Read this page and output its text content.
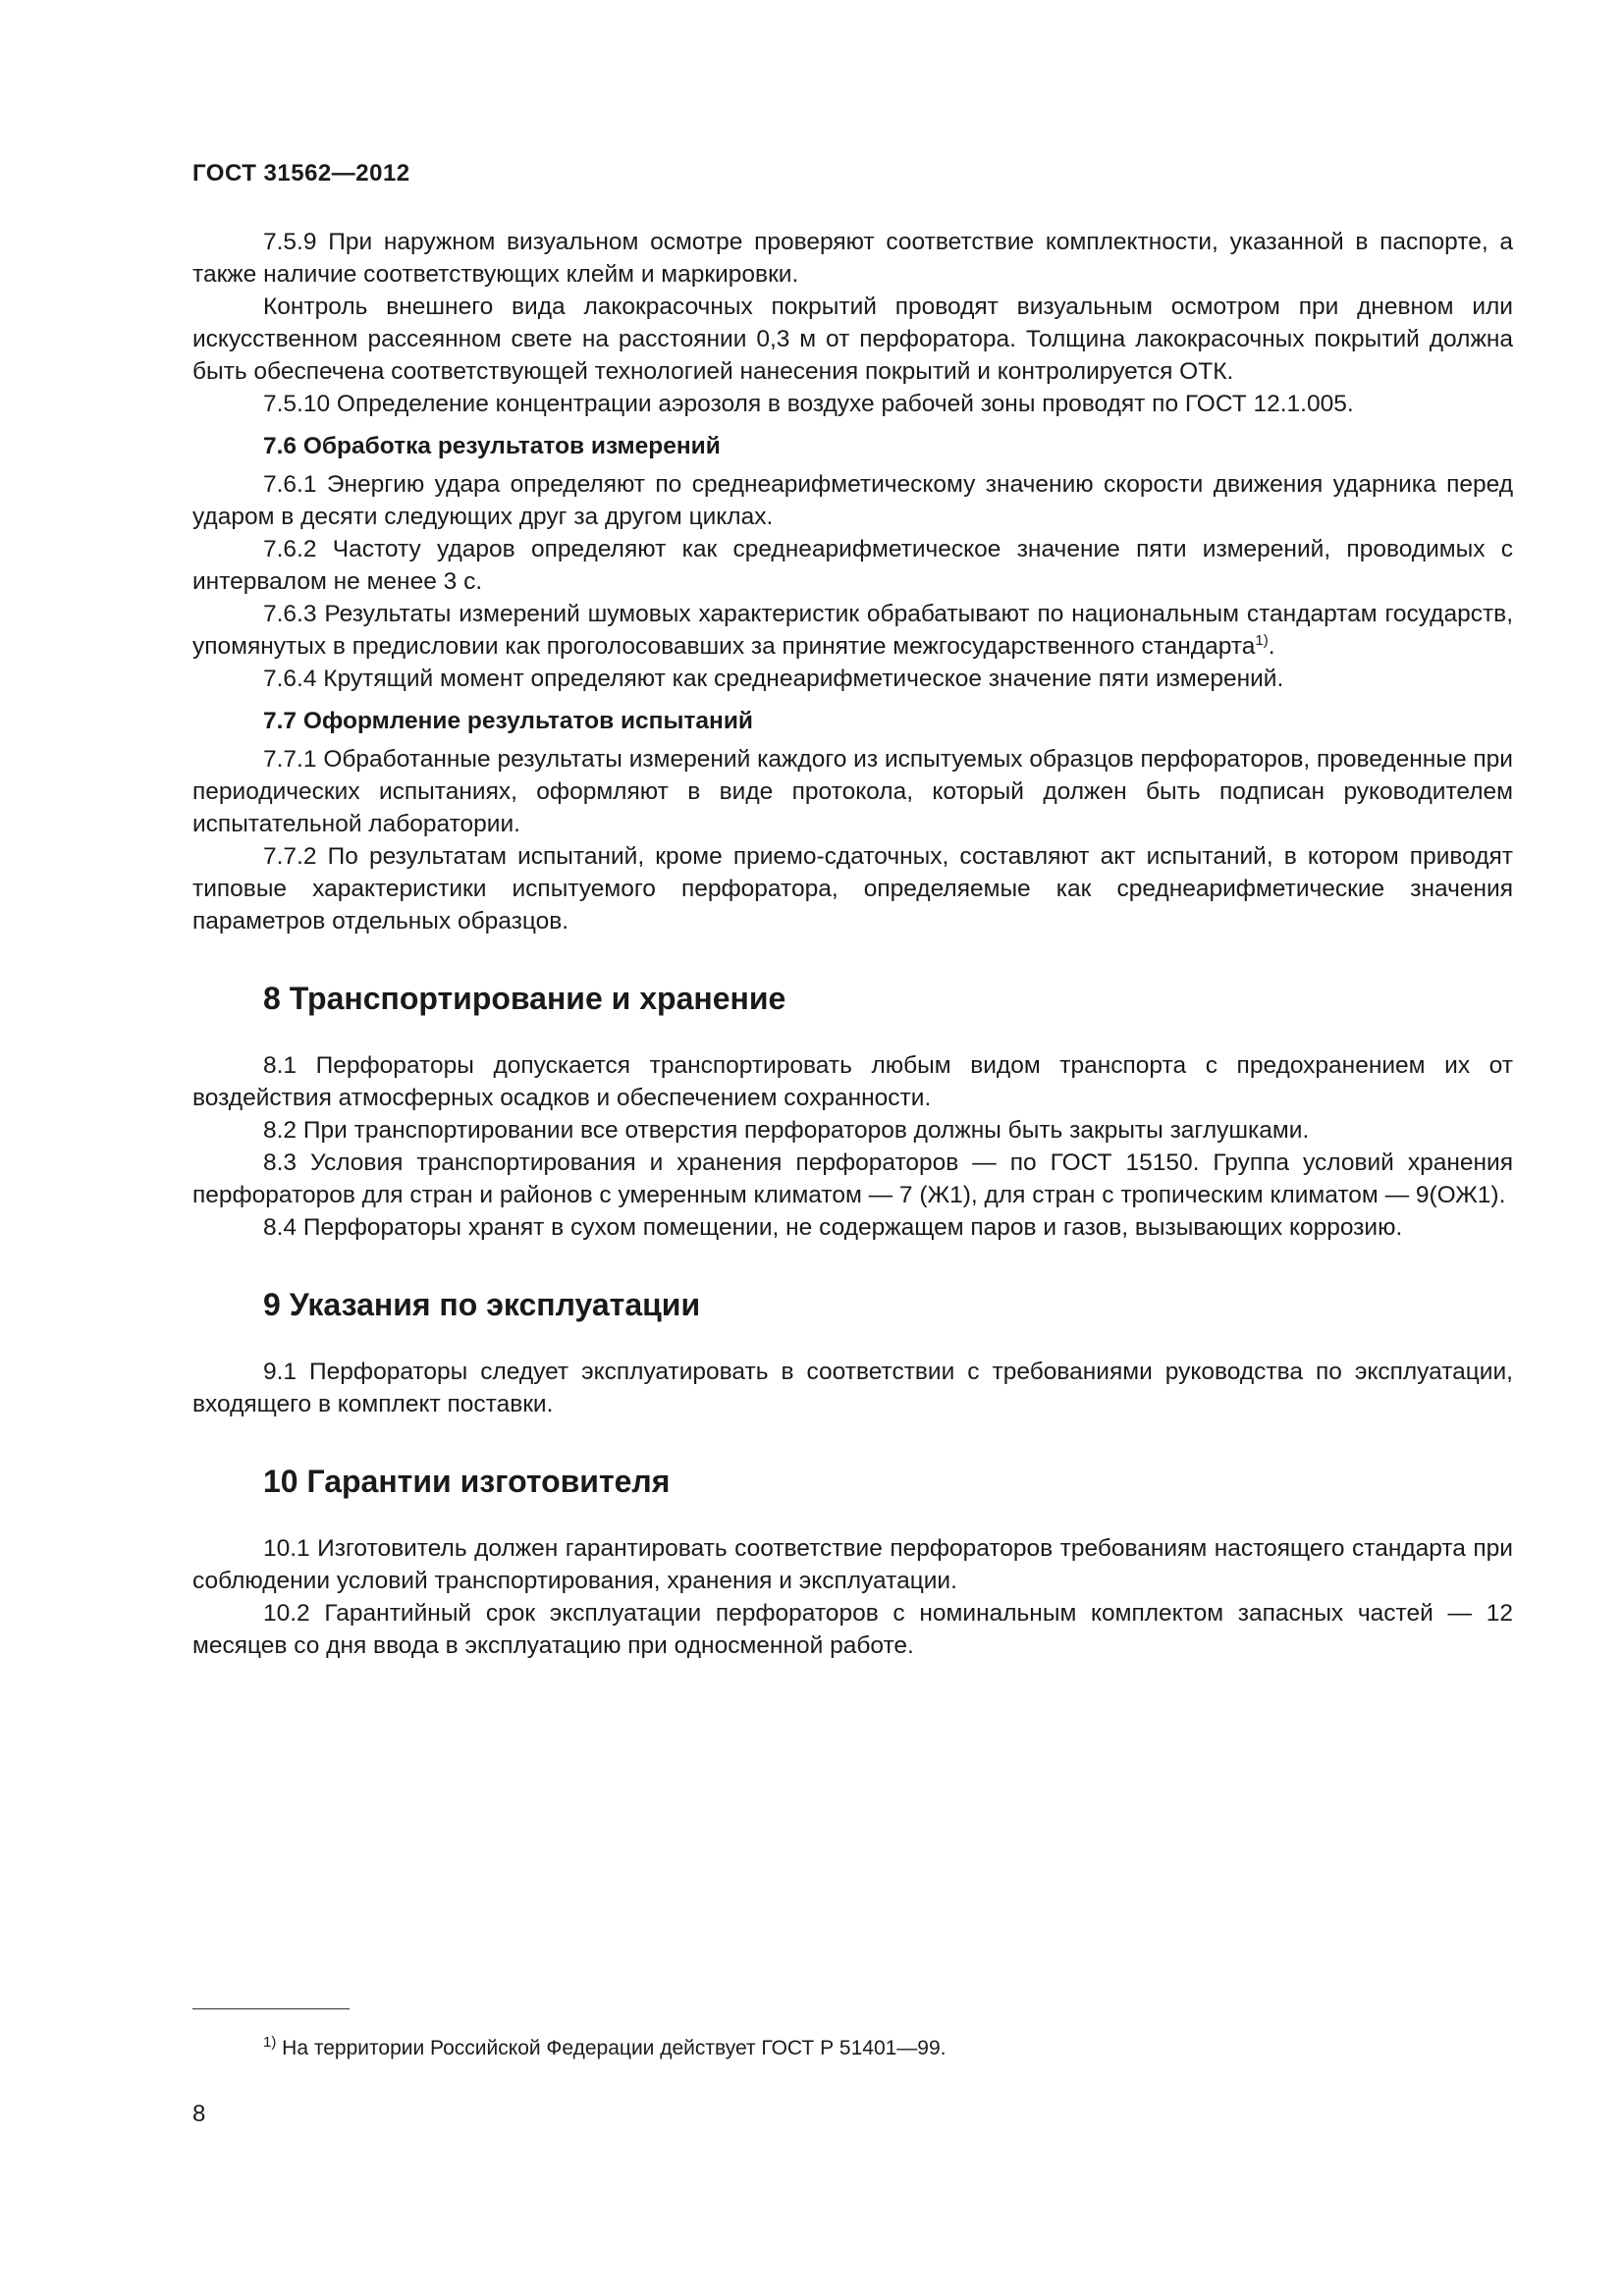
ГОСТ 31562—2012

7.5.9 При наружном визуальном осмотре проверяют соответствие комплектности, указанной в паспорте, а также наличие соответствующих клейм и маркировки.

Контроль внешнего вида лакокрасочных покрытий проводят визуальным осмотром при дневном или искусственном рассеянном свете на расстоянии 0,3 м от перфоратора. Толщина лакокрасочных покрытий должна быть обеспечена соответствующей технологией нанесения покрытий и контролируется ОТК.

7.5.10 Определение концентрации аэрозоля в воздухе рабочей зоны проводят по ГОСТ 12.1.005.

7.6 Обработка результатов измерений

7.6.1 Энергию удара определяют по среднеарифметическому значению скорости движения ударника перед ударом в десяти следующих друг за другом циклах.

7.6.2 Частоту ударов определяют как среднеарифметическое значение пяти измерений, проводимых с интервалом не менее 3 с.

7.6.3 Результаты измерений шумовых характеристик обрабатывают по национальным стандартам государств, упомянутых в предисловии как проголосовавших за принятие межгосударственного стандарта$^{1)}$.

7.6.4 Крутящий момент определяют как среднеарифметическое значение пяти измерений.

7.7 Оформление результатов испытаний

7.7.1 Обработанные результаты измерений каждого из испытуемых образцов перфораторов, проведенные при периодических испытаниях, оформляют в виде протокола, который должен быть подписан руководителем испытательной лаборатории.

7.7.2 По результатам испытаний, кроме приемо-сдаточных, составляют акт испытаний, в котором приводят типовые характеристики испытуемого перфоратора, определяемые как среднеарифметические значения параметров отдельных образцов.

8 Транспортирование и хранение

8.1 Перфораторы допускается транспортировать любым видом транспорта с предохранением их от воздействия атмосферных осадков и обеспечением сохранности.

8.2 При транспортировании все отверстия перфораторов должны быть закрыты заглушками.

8.3 Условия транспортирования и хранения перфораторов — по ГОСТ 15150. Группа условий хранения перфораторов для стран и районов с умеренным климатом — 7 (Ж1), для стран с тропическим климатом — 9(ОЖ1).

8.4 Перфораторы хранят в сухом помещении, не содержащем паров и газов, вызывающих коррозию.

9 Указания по эксплуатации

9.1 Перфораторы следует эксплуатировать в соответствии с требованиями руководства по эксплуатации, входящего в комплект поставки.

10 Гарантии изготовителя

10.1 Изготовитель должен гарантировать соответствие перфораторов требованиям настоящего стандарта при соблюдении условий транспортирования, хранения и эксплуатации.

10.2 Гарантийный срок эксплуатации перфораторов с номинальным комплектом запасных частей — 12 месяцев со дня ввода в эксплуатацию при односменной работе.

$^{1)}$ На территории Российской Федерации действует ГОСТ Р 51401—99.
8
